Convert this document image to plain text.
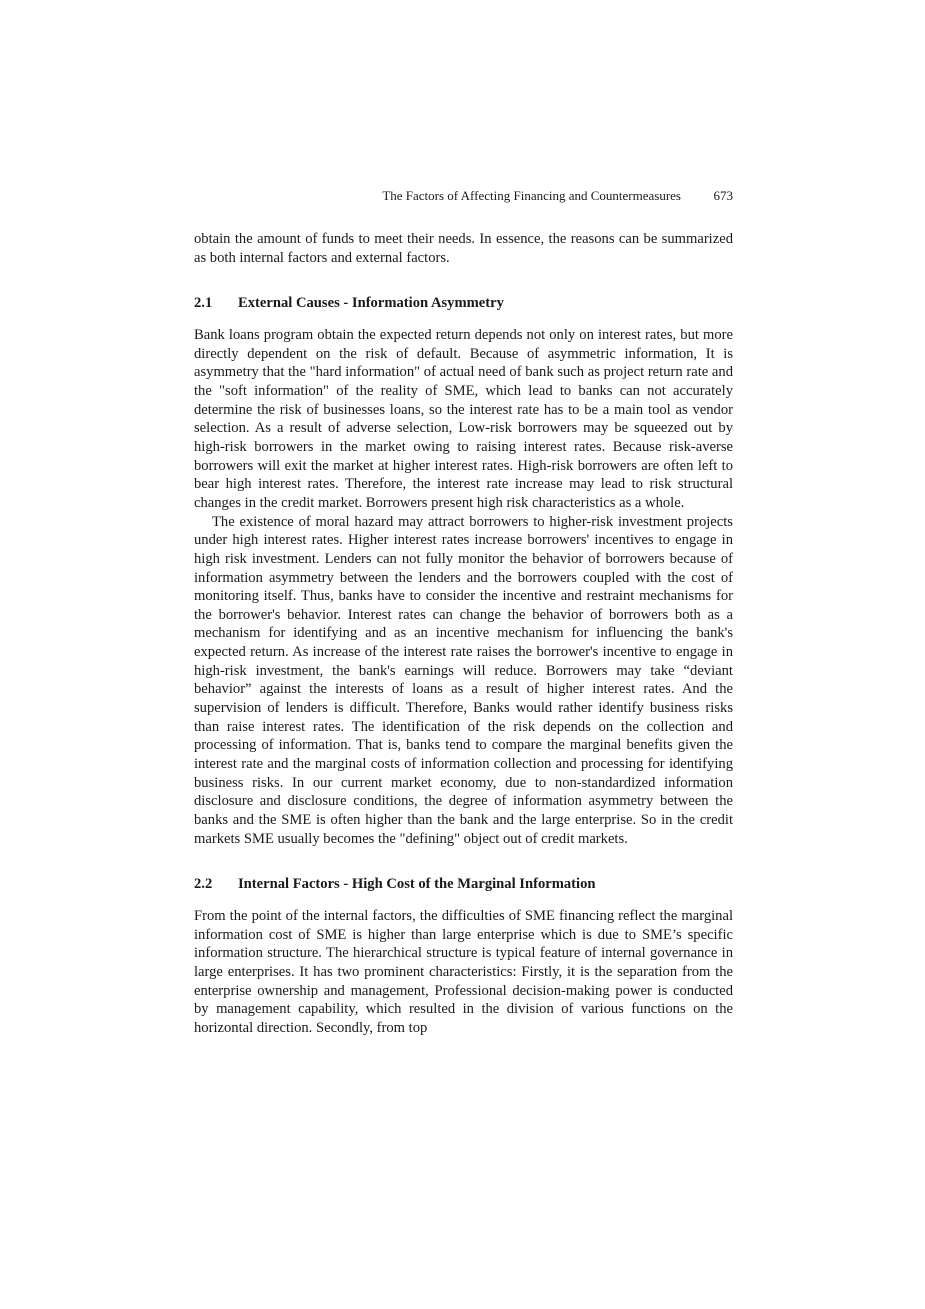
The Factors of Affecting Financing and Countermeasures	673

obtain the amount of funds to meet their needs. In essence, the reasons can be summarized as both internal factors and external factors.

2.1	External Causes - Information Asymmetry

Bank loans program obtain the expected return depends not only on interest rates, but more directly dependent on the risk of default. Because of asymmetric information, It is asymmetry that the "hard information" of actual need of bank such as project return rate and the "soft information" of the reality of SME, which lead to banks can not accurately determine the risk of businesses loans, so the interest rate has to be a main tool as vendor selection. As a result of adverse selection, Low-risk borrowers may be squeezed out by high-risk borrowers in the market owing to raising interest rates. Because risk-averse borrowers will exit the market at higher interest rates. High-risk borrowers are often left to bear high interest rates. Therefore, the interest rate increase may lead to risk structural changes in the credit market. Borrowers present high risk characteristics as a whole.

The existence of moral hazard may attract borrowers to higher-risk investment projects under high interest rates. Higher interest rates increase borrowers' incentives to engage in high risk investment. Lenders can not fully monitor the behavior of borrowers because of information asymmetry between the lenders and the borrowers coupled with the cost of monitoring itself. Thus, banks have to consider the incentive and restraint mechanisms for the borrower's behavior. Interest rates can change the behavior of borrowers both as a mechanism for identifying and as an incentive mechanism for influencing the bank's expected return. As increase of the interest rate raises the borrower's incentive to engage in high-risk investment, the bank's earnings will reduce. Borrowers may take “deviant behavior” against the interests of loans as a result of higher interest rates. And the supervision of lenders is difficult. Therefore, Banks would rather identify business risks than raise interest rates. The identification of the risk depends on the collection and processing of information. That is, banks tend to compare the marginal benefits given the interest rate and the marginal costs of information collection and processing for identifying business risks. In our current market economy, due to non-standardized information disclosure and disclosure conditions, the degree of information asymmetry between the banks and the SME is often higher than the bank and the large enterprise. So in the credit markets SME usually becomes the "defining" object out of credit markets.

2.2	Internal Factors - High Cost of the Marginal Information

From the point of the internal factors, the difficulties of SME financing reflect the marginal information cost of SME is higher than large enterprise which is due to SME’s specific information structure. The hierarchical structure is typical feature of internal governance in large enterprises. It has two prominent characteristics: Firstly, it is the separation from the enterprise ownership and management, Professional decision-making power is conducted by management capability, which resulted in the division of various functions on the horizontal direction. Secondly, from top
